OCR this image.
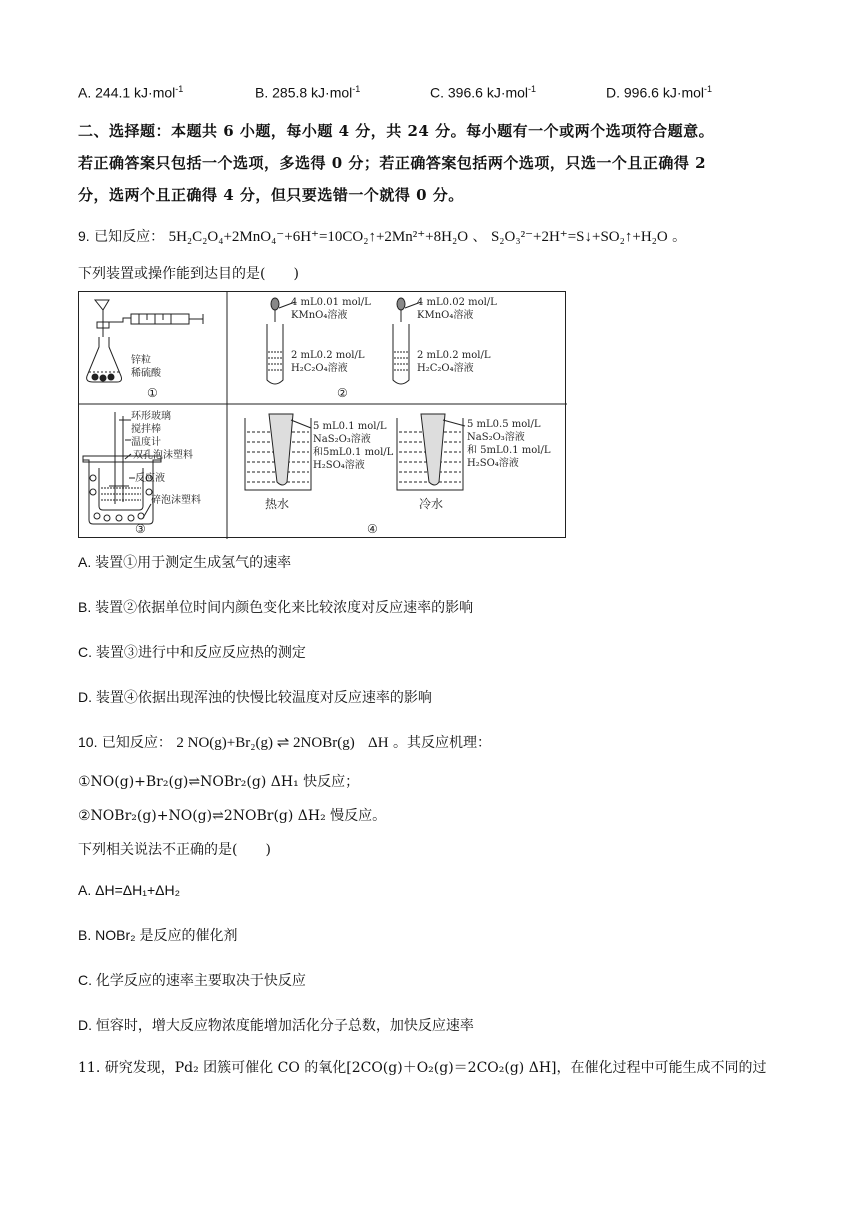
A. 244.1 kJ·mol$^{-1}$	B. 285.8 kJ·mol$^{-1}$	C. 396.6 kJ·mol$^{-1}$	D. 996.6 kJ·mol$^{-1}$
二、选择题：本题共 6 小题，每小题 4 分，共 24 分。每小题有一个或两个选项符合题意。
若正确答案只包括一个选项，多选得 0 分；若正确答案包括两个选项，只选一个且正确得 2
分，选两个且正确得 4 分，但只要选错一个就得 0 分。
9. 已知反应： 5H₂C₂O₄+2MnO₄⁻+6H⁺=10CO₂↑+2Mn²⁺+8H₂O 、 S₂O₃²⁻+2H⁺=S↓+SO₂↑+H₂O 。
下列装置或操作能到达目的是(　　)
锌粒
①
4 mL0.01 mol/L
KMnO₄溶液
2 mL0.2 mol/L
H₂C₂O₄溶液
4 mL0.02 mol/L
KMnO₄溶液
2 mL0.2 mol/L
H₂C₂O₄溶液
②
环形玻璃
搅拌棒
温度计
双孔泡沫塑料
反应液
碎泡沫塑料
③
5 mL0.1 mol/L
NaS₂O₃溶液
和5mL0.1 mol/L
H₂SO₄溶液
5 mL0.5 mol/L
NaS₂O₃溶液
和 5mL0.1 mol/L
H₂SO₄溶液
热水	冷水
④
稀硫酸
A. 装置①用于测定生成氢气的速率
B. 装置②依据单位时间内颜色变化来比较浓度对反应速率的影响
C. 装置③进行中和反应反应热的测定
D. 装置④依据出现浑浊的快慢比较温度对反应速率的影响
10. 已知反应： 2 NO(g)+Br₂(g) ⇌ 2NOBr(g) ΔH 。其反应机理：
①NO(g)+Br₂(g)⇌NOBr₂(g) ΔH₁ 快反应；
②NOBr₂(g)+NO(g)⇌2NOBr(g) ΔH₂ 慢反应。
下列相关说法不正确的是(　　)
A. ΔH=ΔH₁+ΔH₂
B. NOBr₂ 是反应的催化剂
C. 化学反应的速率主要取决于快反应
D. 恒容时，增大反应物浓度能增加活化分子总数，加快反应速率
11. 研究发现，Pd₂ 团簇可催化 CO 的氧化[2CO(g)＋O₂(g)＝2CO₂(g) ΔH]，在催化过程中可能生成不同的过
